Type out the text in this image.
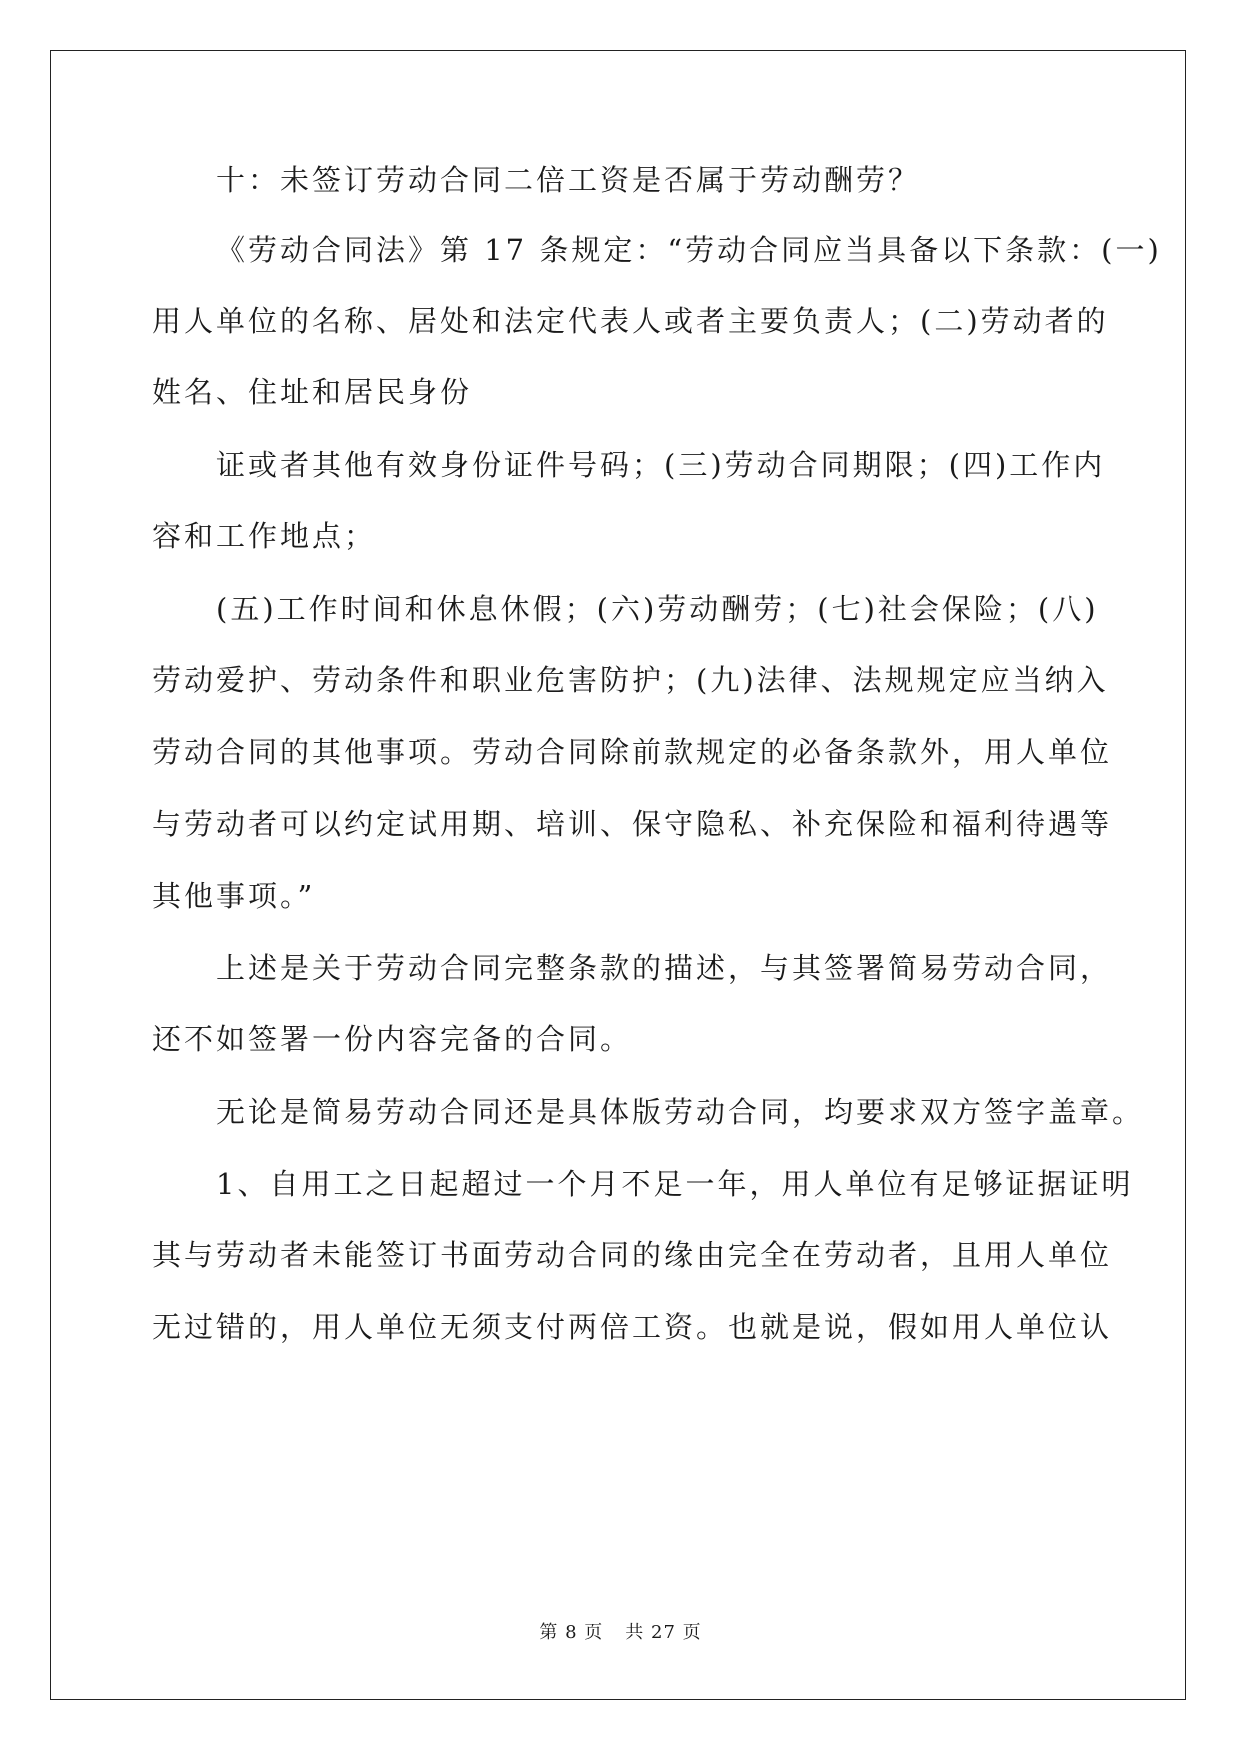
十：未签订劳动合同二倍工资是否属于劳动酬劳？
《劳动合同法》第 17 条规定：“劳动合同应当具备以下条款：(一)
用人单位的名称、居处和法定代表人或者主要负责人；(二)劳动者的
姓名、住址和居民身份
证或者其他有效身份证件号码；(三)劳动合同期限；(四)工作内
容和工作地点；
(五)工作时间和休息休假；(六)劳动酬劳；(七)社会保险；(八)
劳动爱护、劳动条件和职业危害防护；(九)法律、法规规定应当纳入
劳动合同的其他事项。劳动合同除前款规定的必备条款外，用人单位
与劳动者可以约定试用期、培训、保守隐私、补充保险和福利待遇等
其他事项。”
上述是关于劳动合同完整条款的描述，与其签署简易劳动合同，
还不如签署一份内容完备的合同。
无论是简易劳动合同还是具体版劳动合同，均要求双方签字盖章。
1、自用工之日起超过一个月不足一年，用人单位有足够证据证明
其与劳动者未能签订书面劳动合同的缘由完全在劳动者，且用人单位
无过错的，用人单位无须支付两倍工资。也就是说，假如用人单位认
第 8 页 共 27 页
